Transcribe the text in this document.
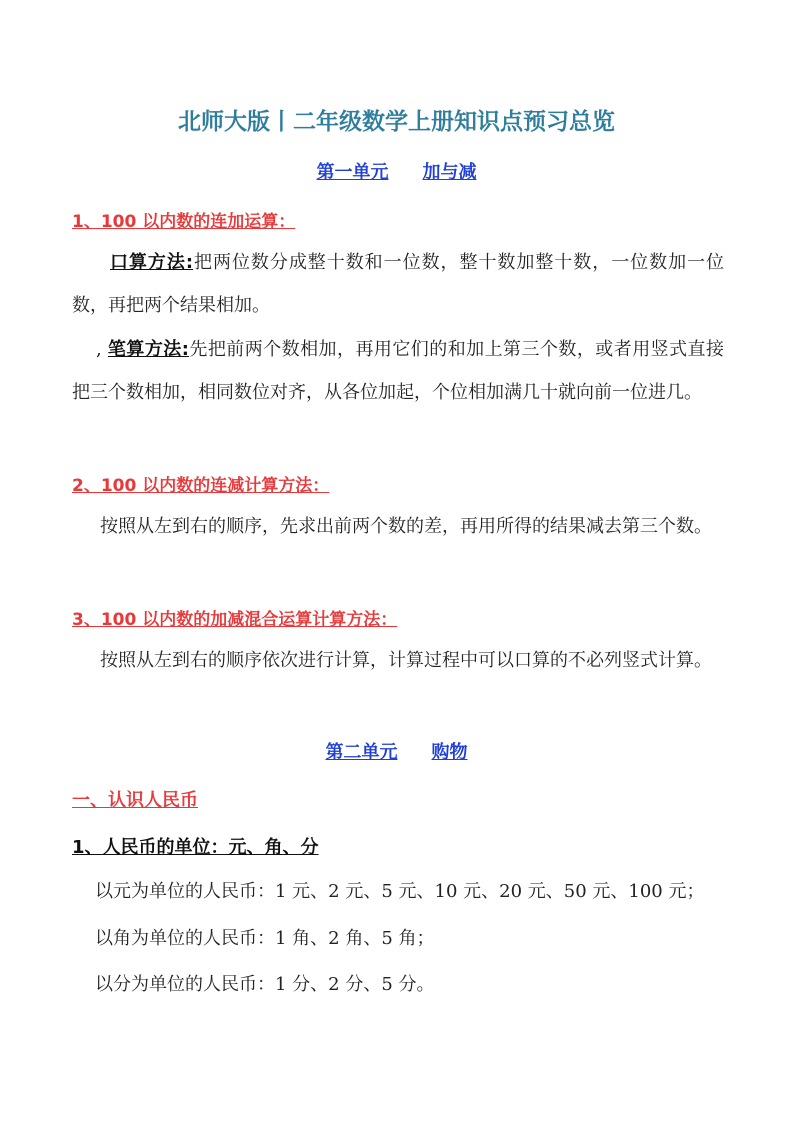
北师大版丨二年级数学上册知识点预习总览
第一单元 加与减
1、100 以内数的连加运算：
口算方法:把两位数分成整十数和一位数，整十数加整十数，一位数加一位数，再把两个结果相加。
, 笔算方法:先把前两个数相加，再用它们的和加上第三个数，或者用竖式直接把三个数相加，相同数位对齐，从各位加起，个位相加满几十就向前一位进几。
2、100 以内数的连减计算方法：
按照从左到右的顺序，先求出前两个数的差，再用所得的结果减去第三个数。
3、100 以内数的加减混合运算计算方法：
按照从左到右的顺序依次进行计算，计算过程中可以口算的不必列竖式计算。
第二单元 购物
一、认识人民币
1、人民币的单位：元、角、分
以元为单位的人民币：1 元、2 元、5 元、10 元、20 元、50 元、100 元；
以角为单位的人民币：1 角、2 角、5 角；
以分为单位的人民币：1 分、2 分、5 分。
